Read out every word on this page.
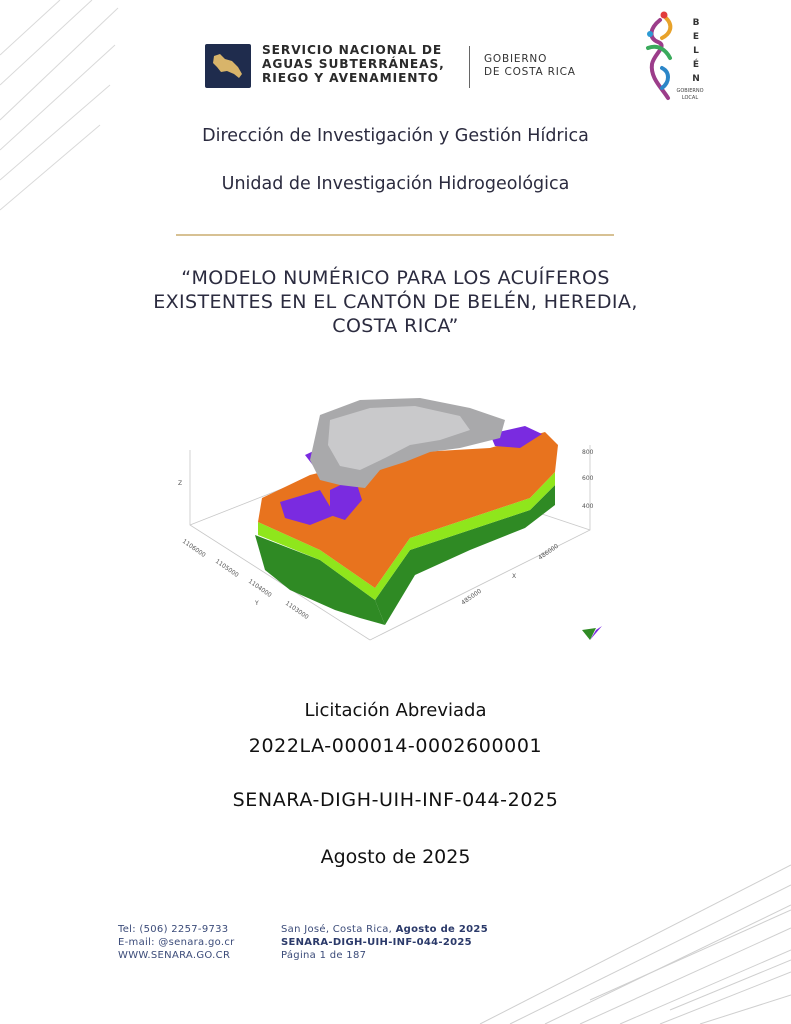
SERVICIO NACIONAL DE
AGUAS SUBTERRÁNEAS,
RIEGO Y AVENAMIENTO
GOBIERNO
DE COSTA RICA
B
E
L
É
N
GOBIERNO
LOCAL
Dirección de Investigación y Gestión Hídrica
Unidad de Investigación Hidrogeológica
“MODELO NUMÉRICO PARA LOS ACUÍFEROS
EXISTENTES EN EL CANTÓN DE BELÉN, HEREDIA,
COSTA RICA”
1106000
1105000
1104000
Y	1103000
485000
X
486000
400
600
800
Z
Licitación Abreviada
2022LA-000014-0002600001
SENARA-DIGH-UIH-INF-044-2025
Agosto de 2025
Tel: (506) 2257-9733
E-mail: @senara.go.cr
WWW.SENARA.GO.CR
San José, Costa Rica, Agosto de 2025
SENARA-DIGH-UIH-INF-044-2025
Página 1 de 187
